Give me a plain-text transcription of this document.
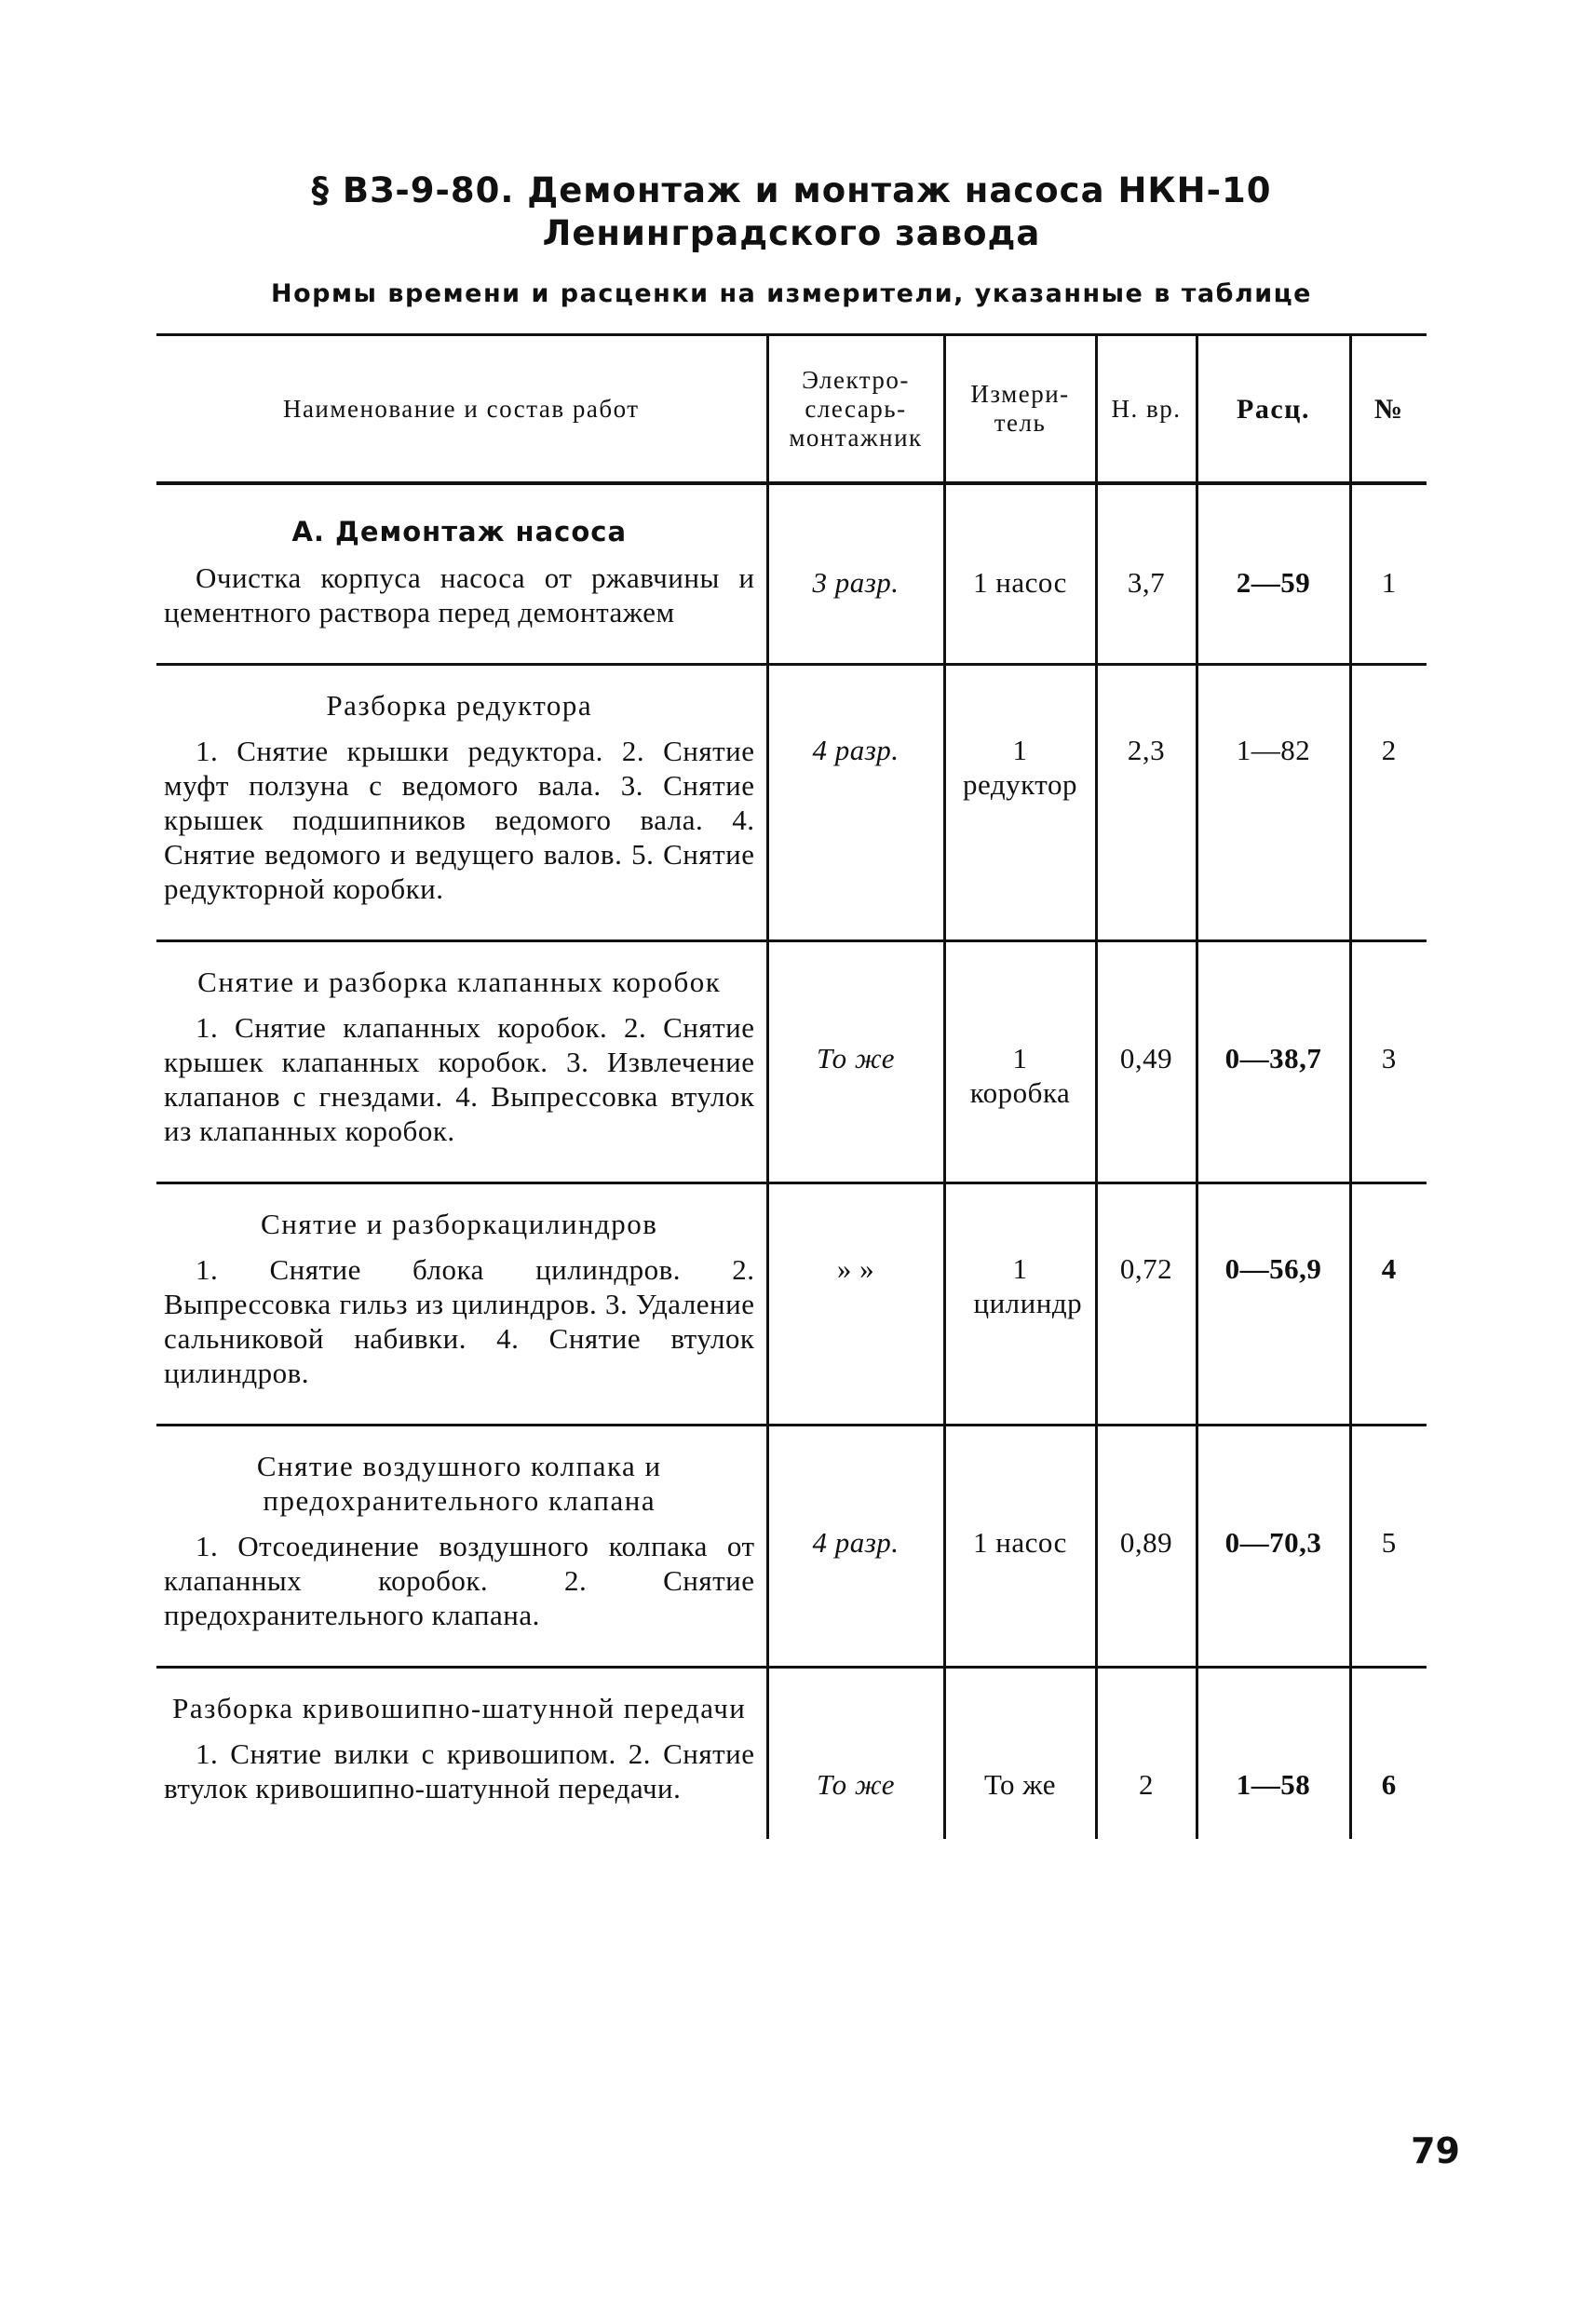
§ ВЗ-9-80. Демонтаж и монтаж насоса НКН-10
Ленинградского завода
Нормы времени и расценки на измерители, указанные в таблице
Наименование и состав работ	Электро-слесарь-монтажник	Измери-тель	Н. вр.	Расц.	№

А. Демонтаж насоса

Очистка корпуса насоса от ржавчины и цементного раствора перед демонтажем	3 разр.	1 насос	3,7	2—59	1

Разборка редуктора

1. Снятие крышки редуктора. 2. Снятие муфт ползуна с ведомого вала. 3. Снятие крышек подшипников ведомого вала. 4. Снятие ведомого и ведущего валов. 5. Снятие редукторной коробки.	4 разр.	1 редуктор	2,3	1—82	2

Снятие и разборка клапанных коробок

1. Снятие клапанных коробок. 2. Снятие крышек клапанных коробок. 3. Извлечение клапанов с гнездами. 4. Выпрессовка втулок из клапанных коробок.	То же	1 коробка	0,49	0—38,7	3

Снятие и разборкацилиндров

1. Снятие блока цилиндров. 2. Выпрессовка гильз из цилиндров. 3. Удаление сальниковой набивки. 4. Снятие втулок цилиндров.	» »	1 цилиндр	0,72	0—56,9	4

Снятие воздушного колпака и предохранительного клапана

1. Отсоединение воздушного колпака от клапанных коробок. 2. Снятие предохранительного клапана.	4 разр.	1 насос	0,89	0—70,3	5

Разборка кривошипно-шатунной передачи

1. Снятие вилки с кривошипом. 2. Снятие втулок кривошипно-шатунной передачи.	То же	То же	2	1—58	6
79
